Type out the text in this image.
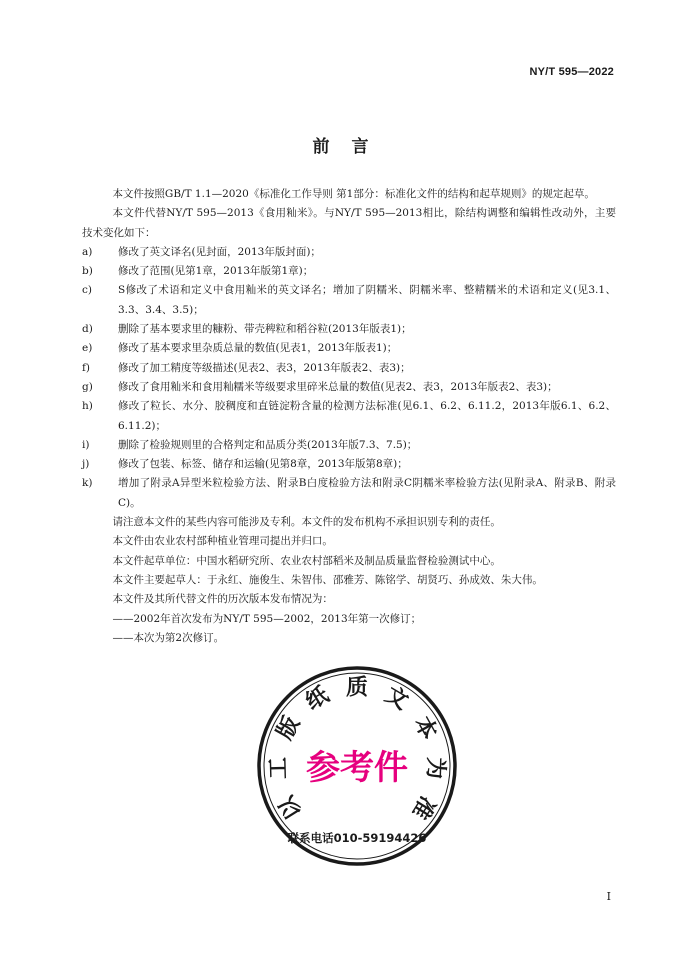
NY/T 595—2022
前言

本文件按照GB/T 1.1—2020《标准化工作导则 第1部分：标准化文件的结构和起草规则》的规定起草。

本文件代替NY/T 595—2013《食用籼米》。与NY/T 595—2013相比，除结构调整和编辑性改动外，主要技术变化如下：

a)	修改了英文译名(见封面，2013年版封面)；
b)	修改了范围(见第1章，2013年版第1章)；
c)	S修改了术语和定义中食用籼米的英文译名；增加了阴糯米、阴糯米率、整精糯米的术语和定义(见3.1、3.3、3.4、3.5)；
d)	删除了基本要求里的糠粉、带壳稗粒和稻谷粒(2013年版表1)；
e)	修改了基本要求里杂质总量的数值(见表1，2013年版表1)；
f)	修改了加工精度等级描述(见表2、表3，2013年版表2、表3)；
g)	修改了食用籼米和食用籼糯米等级要求里碎米总量的数值(见表2、表3，2013年版表2、表3)；
h)	修改了粒长、水分、胶稠度和直链淀粉含量的检测方法标准(见6.1、6.2、6.11.2，2013年版6.1、6.2、6.11.2)；
i)	删除了检验规则里的合格判定和品质分类(2013年版7.3、7.5)；
j)	修改了包装、标签、储存和运输(见第8章，2013年版第8章)；
k)	增加了附录A异型米粒检验方法、附录B白度检验方法和附录C阴糯米率检验方法(见附录A、附录B、附录C)。

请注意本文件的某些内容可能涉及专利。本文件的发布机构不承担识别专利的责任。

本文件由农业农村部种植业管理司提出并归口。

本文件起草单位：中国水稻研究所、农业农村部稻米及制品质量监督检验测试中心。

本文件主要起草人：于永红、施俊生、朱智伟、邵雅芳、陈铭学、胡贤巧、孙成效、朱大伟。

本文件及其所代替文件的历次版本发布情况为：

——2002年首次发布为NY/T 595—2002，2013年第一次修订；

——本次为第2次修订。

以
工
版
纸 质 文
本
为
准
参考件
联系电话010-59194426
I
